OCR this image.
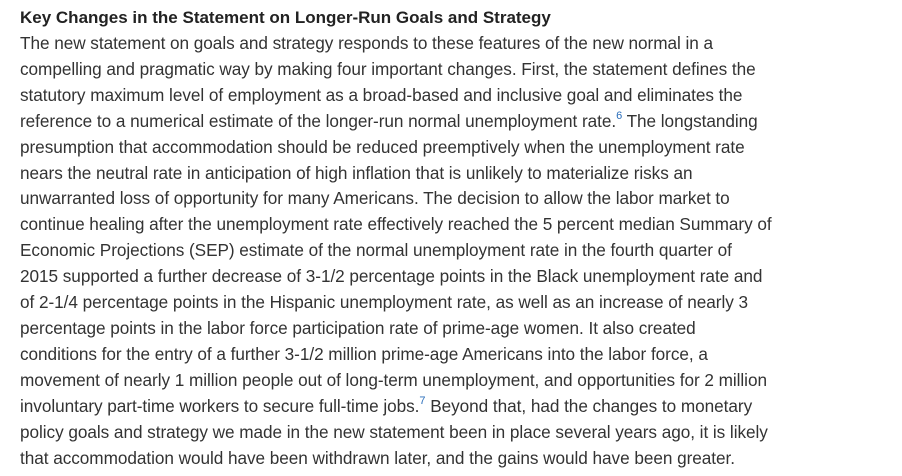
Key Changes in the Statement on Longer-Run Goals and Strategy

The new statement on goals and strategy responds to these features of the new normal in a
compelling and pragmatic way by making four important changes. First, the statement defines the
statutory maximum level of employment as a broad-based and inclusive goal and eliminates the
reference to a numerical estimate of the longer-run normal unemployment rate.$^6$ The longstanding
presumption that accommodation should be reduced preemptively when the unemployment rate
nears the neutral rate in anticipation of high inflation that is unlikely to materialize risks an
unwarranted loss of opportunity for many Americans. The decision to allow the labor market to
continue healing after the unemployment rate effectively reached the 5 percent median Summary of
Economic Projections (SEP) estimate of the normal unemployment rate in the fourth quarter of
2015 supported a further decrease of 3-1/2 percentage points in the Black unemployment rate and
of 2-1/4 percentage points in the Hispanic unemployment rate, as well as an increase of nearly 3
percentage points in the labor force participation rate of prime-age women. It also created
conditions for the entry of a further 3-1/2 million prime-age Americans into the labor force, a
movement of nearly 1 million people out of long-term unemployment, and opportunities for 2 million
involuntary part-time workers to secure full-time jobs.$^7$ Beyond that, had the changes to monetary
policy goals and strategy we made in the new statement been in place several years ago, it is likely
that accommodation would have been withdrawn later, and the gains would have been greater.
